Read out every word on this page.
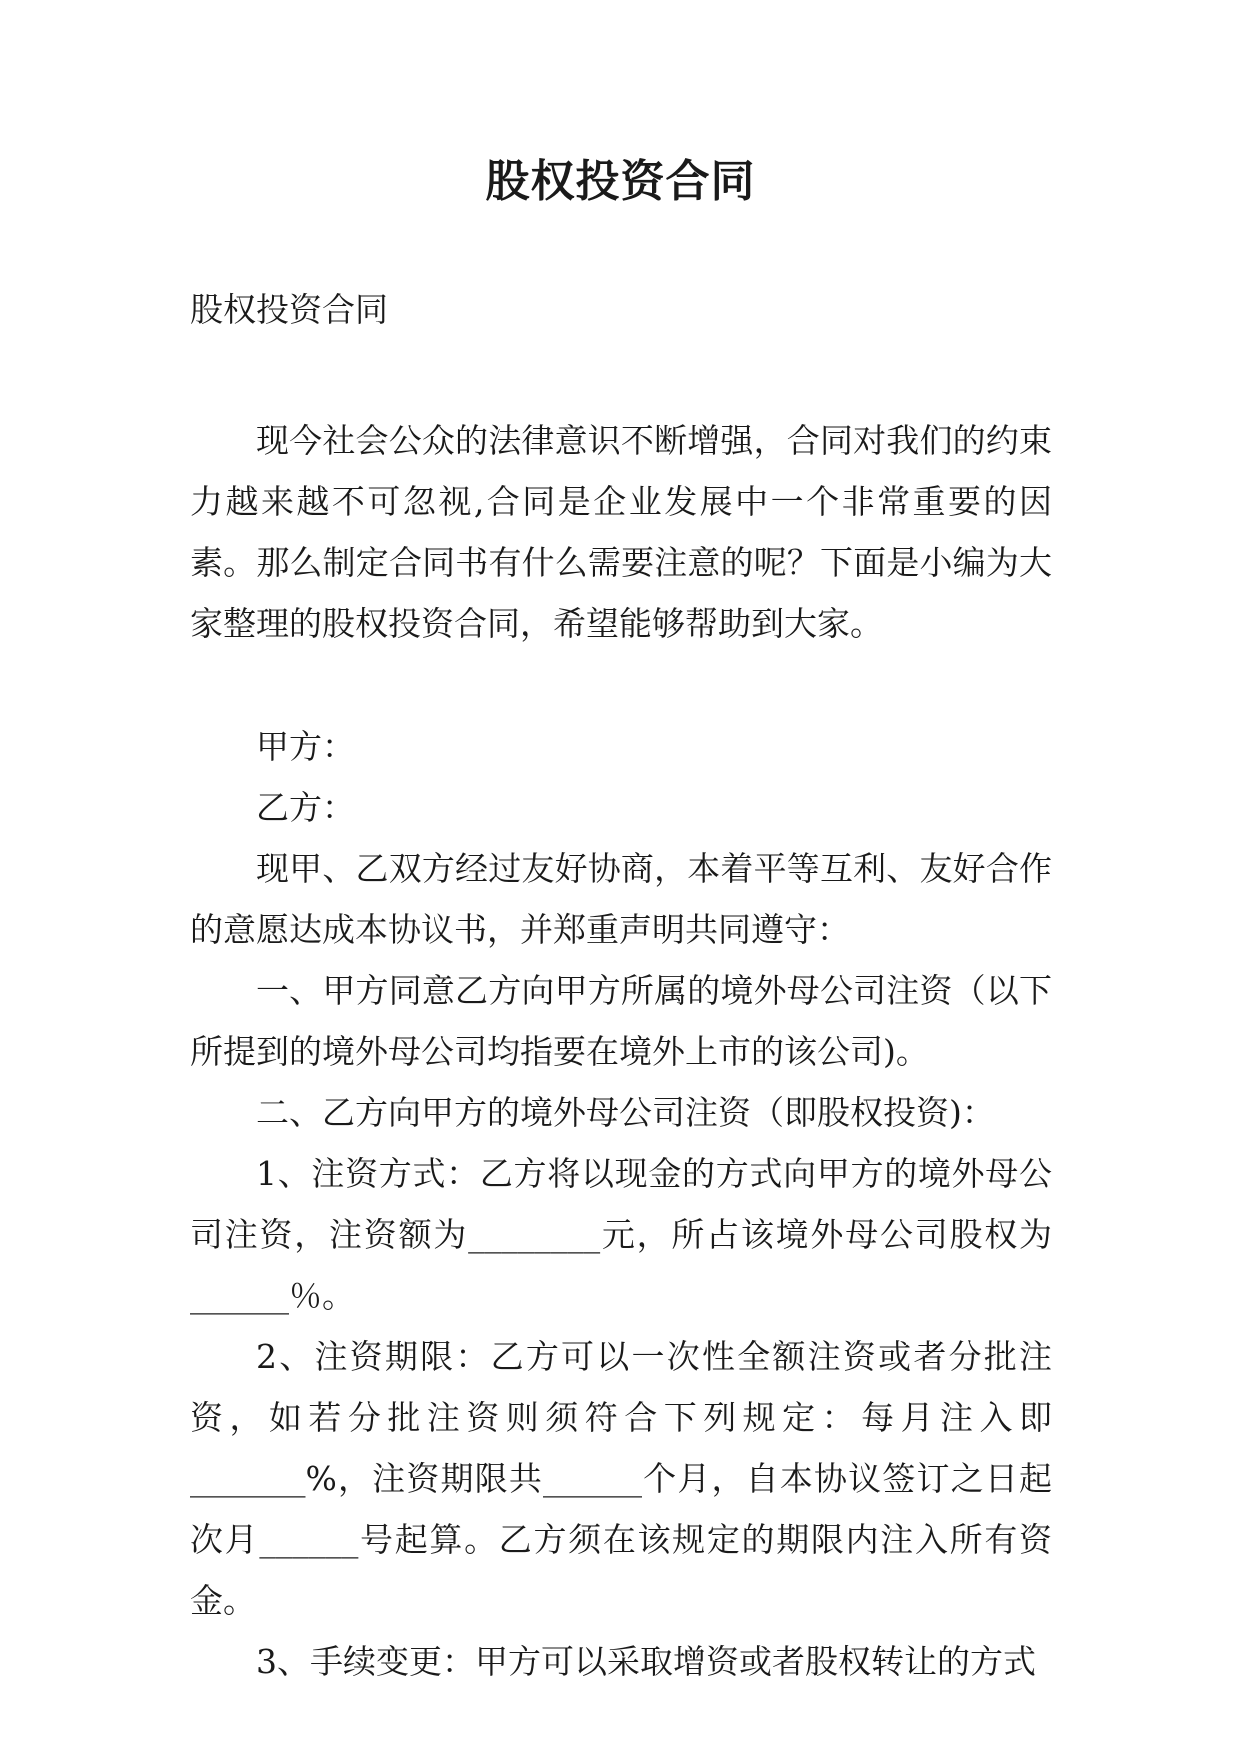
股权投资合同
股权投资合同

现今社会公众的法律意识不断增强，合同对我们的约束力越来越不可忽视,合同是企业发展中一个非常重要的因素。那么制定合同书有什么需要注意的呢？下面是小编为大家整理的股权投资合同，希望能够帮助到大家。

甲方：

乙方：

现甲、乙双方经过友好协商，本着平等互利、友好合作的意愿达成本协议书，并郑重声明共同遵守：

一、甲方同意乙方向甲方所属的境外母公司注资（以下所提到的境外母公司均指要在境外上市的该公司)。

二、乙方向甲方的境外母公司注资（即股权投资)：

1、注资方式：乙方将以现金的方式向甲方的境外母公司注资，注资额为________元，所占该境外母公司股权为______％。

2、注资期限：乙方可以一次性全额注资或者分批注资，如若分批注资则须符合下列规定：每月注入即_______%，注资期限共______个月，自本协议签订之日起次月______号起算。乙方须在该规定的期限内注入所有资金。

3、手续变更：甲方可以采取增资或者股权转让的方式
